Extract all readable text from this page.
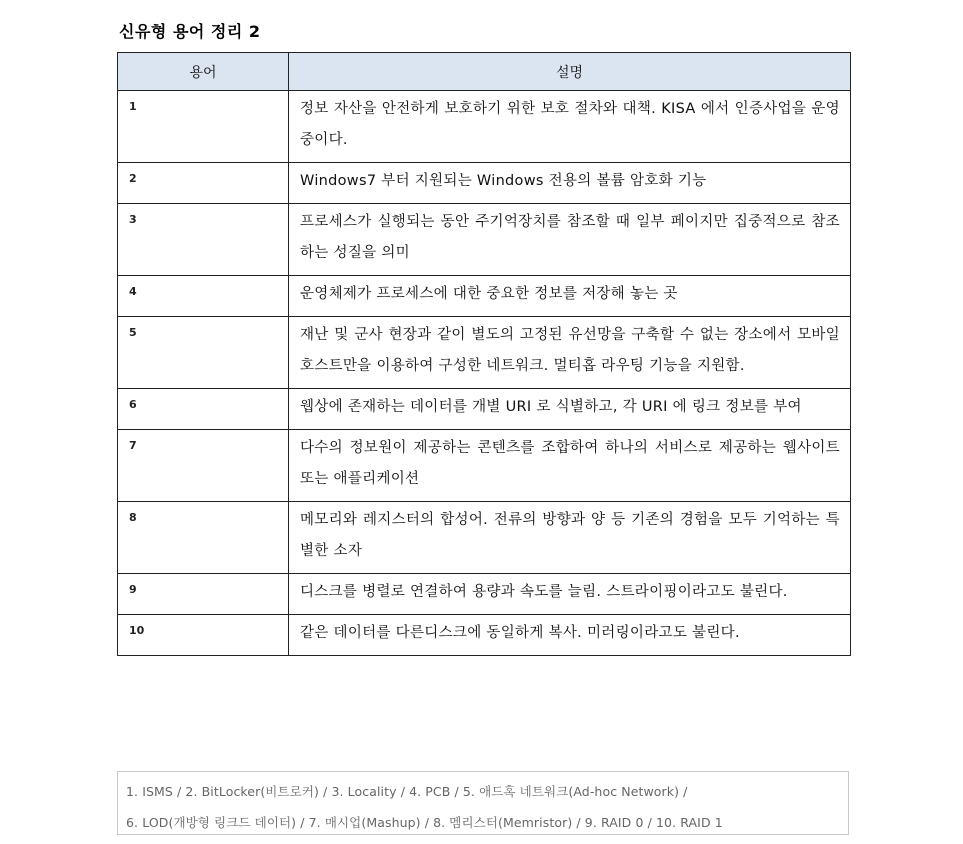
신유형 용어 정리 2
용어	설명
1	정보 자산을 안전하게 보호하기 위한 보호 절차와 대책. KISA 에서 인증사업을 운영 중이다.
2	Windows7 부터 지원되는 Windows 전용의 볼륨 암호화 기능
3	프로세스가 실행되는 동안 주기억장치를 참조할 때 일부 페이지만 집중적으로 참조하는 성질을 의미
4	운영체제가 프로세스에 대한 중요한 정보를 저장해 놓는 곳
5	재난 및 군사 현장과 같이 별도의 고정된 유선망을 구축할 수 없는 장소에서 모바일 호스트만을 이용하여 구성한 네트워크. 멀티홉 라우팅 기능을 지원함.
6	웹상에 존재하는 데이터를 개별 URI 로 식별하고, 각 URI 에 링크 정보를 부여
7	다수의 정보원이 제공하는 콘텐츠를 조합하여 하나의 서비스로 제공하는 웹사이트 또는 애플리케이션
8	메모리와 레지스터의 합성어. 전류의 방향과 양 등 기존의 경험을 모두 기억하는 특별한 소자
9	디스크를 병렬로 연결하여 용량과 속도를 늘림. 스트라이핑이라고도 불린다.
10	같은 데이터를 다른디스크에 동일하게 복사. 미러링이라고도 불린다.
1. ISMS / 2. BitLocker(비트로커) / 3. Locality / 4. PCB / 5. 애드혹 네트워크(Ad-hoc Network) /
6. LOD(개방형 링크드 데이터) / 7. 매시업(Mashup) / 8. 멤리스터(Memristor) / 9. RAID 0 / 10. RAID 1
